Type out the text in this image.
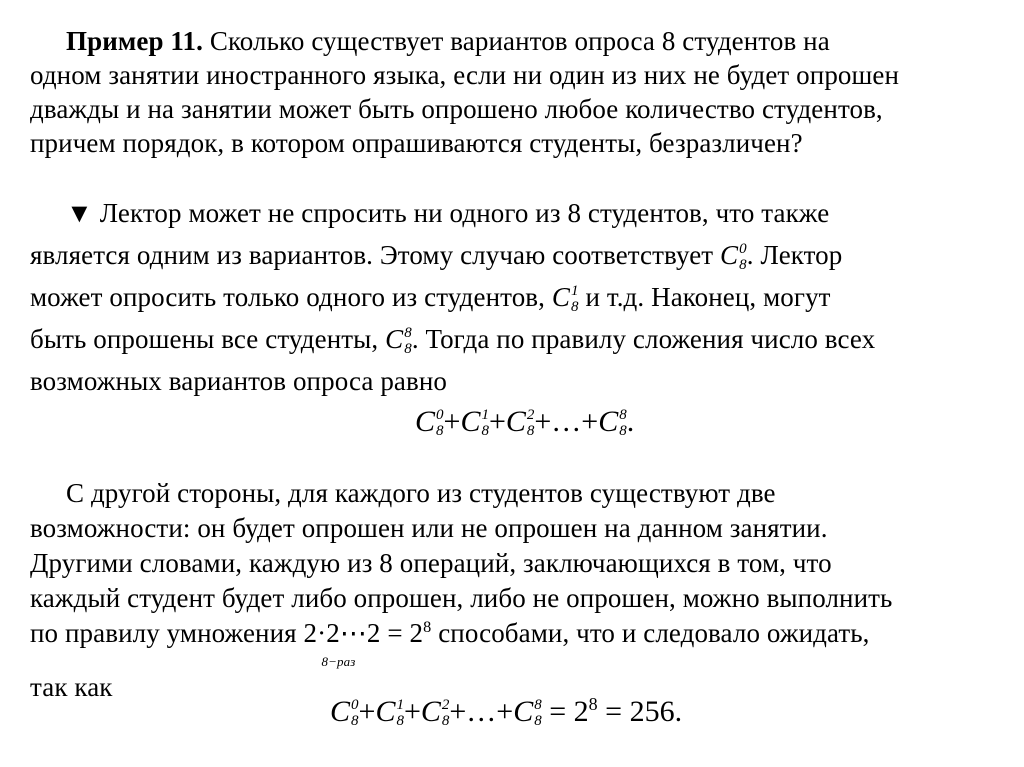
Пример 11. Сколько существует вариантов опроса 8 студентов на
одном занятии иностранного языка, если ни один из них не будет опрошен
дважды и на занятии может быть опрошено любое количество студентов,
причем порядок, в котором опрашиваются студенты, безразличен?
▼ Лектор может не спросить ни одного из 8 студентов, что также
является одним из вариантов. Этому случаю соответствует C 0
8 . Лектор
может опросить только одного из студентов, C 1
8 и т.д. Наконец, могут
быть опрошены все студенты, C 8
8 . Тогда по правилу сложения число всех
возможных вариантов опроса равно
C 0
8 +C 1
8 +C 2
8 +…+C 8
8 .
С другой стороны, для каждого из студентов существуют две
возможности: он будет опрошен или не опрошен на данном занятии.
Другими словами, каждую из 8 операций, заключающихся в том, что
каждый студент будет либо опрошен, либо не опрошен, можно выполнить
по правилу умножения 2·2⋯2 = $2^8$
8−раз
способами, что и следовало ожидать,
так как
C 0
8 +C 1
8 +C 2
8 +…+C 8
$8 = 2^8 = 256$.
